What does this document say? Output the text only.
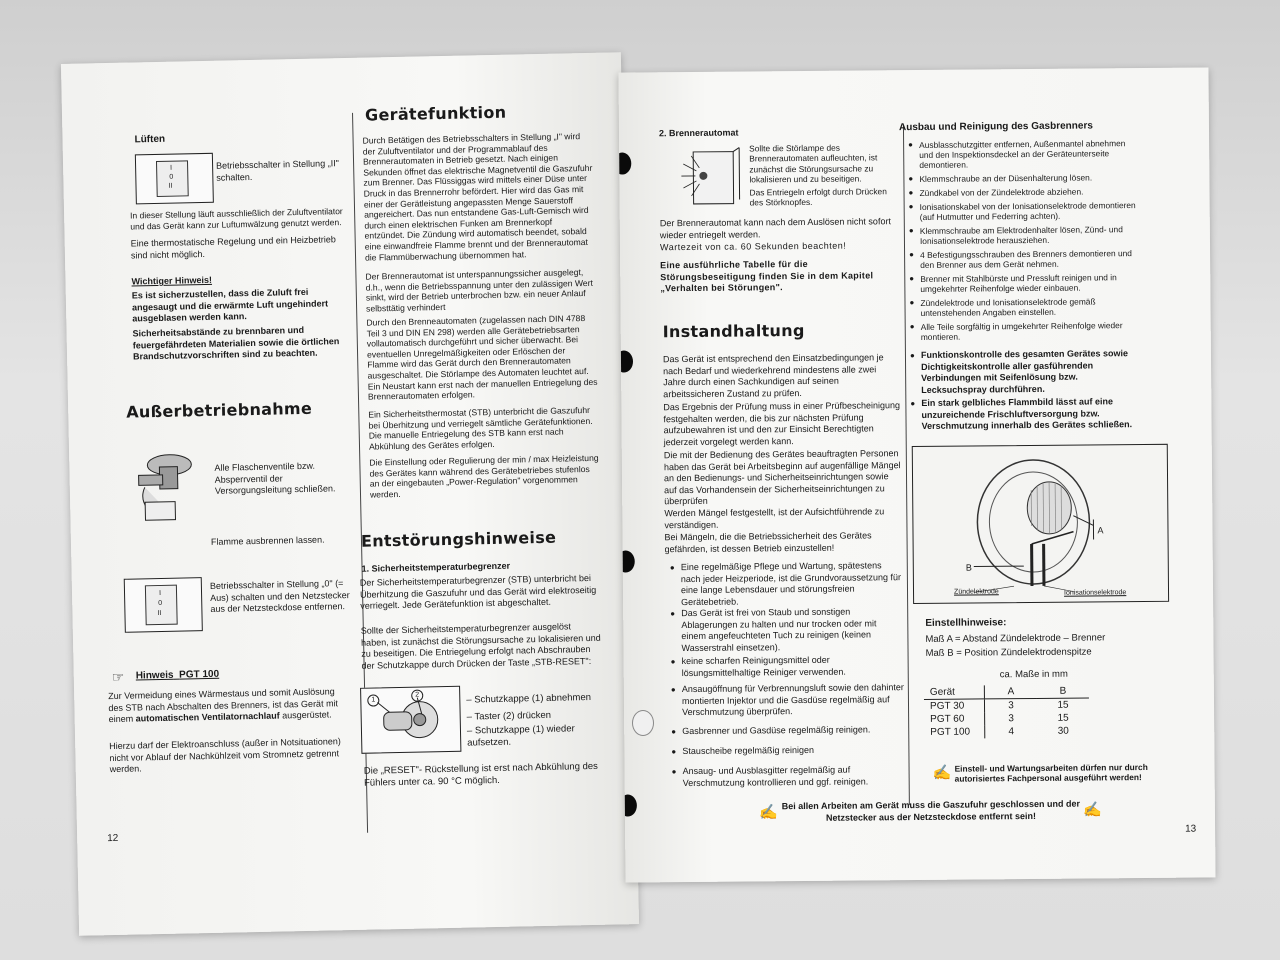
Lüften
I
0
II
Betriebsschalter in Stellung „II" schalten.
In dieser Stellung läuft ausschließlich der Zuluftventilator und das Gerät kann zur Luftumwälzung genutzt werden.
Eine thermostatische Regelung und ein Heizbetrieb sind nicht möglich.
Wichtiger Hinweis!
Es ist sicherzustellen, dass die Zuluft frei angesaugt und die erwärmte Luft ungehindert ausgeblasen werden kann.
Sicherheitsabstände zu brennbaren und feuergefährdeten Materialien sowie die örtlichen Brandschutzvorschriften sind zu beachten.
Außerbetriebnahme
Alle Flaschenventile bzw. Absperrventil der Versorgungsleitung schließen.
Flamme ausbrennen lassen.
I
0
II
Betriebsschalter in Stellung „0" (= Aus) schalten und den Netzstecker aus der Netzsteckdose entfernen.
☞ Hinweis PGT 100
Zur Vermeidung eines Wärmestaus und somit Auslösung des STB nach Abschalten des Brenners, ist das Gerät mit einem automatischen Ventilatornachlauf ausgerüstet.
Hierzu darf der Elektroanschluss (außer in Notsituationen) nicht vor Ablauf der Nachkühlzeit vom Stromnetz getrennt werden.
12
Gerätefunktion
Durch Betätigen des Betriebsschalters in Stellung „I" wird der Zuluftventilator und der Programmablauf des Brennerautomaten in Betrieb gesetzt. Nach einigen Sekunden öffnet das elektrische Magnetventil die Gaszufuhr zum Brenner. Das Flüssiggas wird mittels einer Düse unter Druck in das Brennerrohr befördert. Hier wird das Gas mit einer der Gerätleistung angepassten Menge Sauerstoff angereichert. Das nun entstandene Gas-Luft-Gemisch wird durch einen elektrischen Funken am Brennerkopf entzündet. Die Zündung wird automatisch beendet, sobald eine einwandfreie Flamme brennt und der Brennerautomat die Flammüberwachung übernommen hat.
Der Brennerautomat ist unterspannungssicher ausgelegt, d.h., wenn die Betriebsspannung unter den zulässigen Wert sinkt, wird der Betrieb unterbrochen bzw. ein neuer Anlauf selbsttätig verhindert
Durch den Brenneautomaten (zugelassen nach DIN 4788 Teil 3 und DIN EN 298) werden alle Gerätebetriebsarten vollautomatisch durchgeführt und sicher überwacht. Bei eventuellen Unregelmäßigkeiten oder Erlöschen der Flamme wird das Gerät durch den Brennerautomaten ausgeschaltet. Die Störlampe des Automaten leuchtet auf. Ein Neustart kann erst nach der manuellen Entriegelung des Brennerautomaten erfolgen.
Ein Sicherheitsthermostat (STB) unterbricht die Gaszufuhr bei Überhitzung und verriegelt sämtliche Gerätefunktionen. Die manuelle Entriegelung des STB kann erst nach Abkühlung des Gerätes erfolgen.
Die Einstellung oder Regulierung der min / max Heizleistung des Gerätes kann während des Gerätebetriebes stufenlos an der eingebauten „Power-Regulation" vorgenommen werden.
Entstörungshinweise
1. Sicherheitstemperaturbegrenzer
Der Sicherheitstemperaturbegrenzer (STB) unterbricht bei Überhitzung die Gaszufuhr und das Gerät wird elektroseitig verriegelt. Jede Gerätefunktion ist abgeschaltet.
Sollte der Sicherheitstemperaturbegrenzer ausgelöst haben, ist zunächst die Störungsursache zu lokalisieren und zu beseitigen. Die Entriegelung erfolgt nach Abschrauben der Schutzkappe durch Drücken der Taste „STB-RESET":
1
2	– Schutzkappe (1) abnehmen
– Taster (2) drücken
– Schutzkappe (1) wieder aufsetzen.
Die „RESET"- Rückstellung ist erst nach Abkühlung des Fühlers unter ca. 90 °C möglich.
2. Brennerautomat
Sollte die Störlampe des Brennerautomaten aufleuchten, ist zunächst die Störungsursache zu lokalisieren und zu beseitigen.
Das Entriegeln erfolgt durch Drücken des Störknopfes.
Der Brennerautomat kann nach dem Auslösen nicht sofort wieder entriegelt werden.
Wartezeit von ca. 60 Sekunden beachten!
Eine ausführliche Tabelle für die Störungsbeseitigung finden Sie in dem Kapitel „Verhalten bei Störungen".
Instandhaltung
Das Gerät ist entsprechend den Einsatzbedingungen je nach Bedarf und wiederkehrend mindestens alle zwei Jahre durch einen Sachkundigen auf seinen arbeitssicheren Zustand zu prüfen.
Das Ergebnis der Prüfung muss in einer Prüfbescheinigung festgehalten werden, die bis zur nächsten Prüfung aufzubewahren ist und den zur Einsicht Berechtigten jederzeit vorgelegt werden kann.
Die mit der Bedienung des Gerätes beauftragten Personen haben das Gerät bei Arbeitsbeginn auf augenfällige Mängel an den Bedienungs- und Sicherheitseinrichtungen sowie auf das Vorhandensein der Sicherheitseinrichtungen zu überprüfen
Werden Mängel festgestellt, ist der Aufsichtführende zu verständigen.
Bei Mängeln, die die Betriebssicherheit des Gerätes gefährden, ist dessen Betrieb einzustellen!
● Eine regelmäßige Pflege und Wartung, spätestens nach jeder Heizperiode, ist die Grundvoraussetzung für eine lange Lebensdauer und störungsfreien Gerätebetrieb.
● Das Gerät ist frei von Staub und sonstigen Ablagerungen zu halten und nur trocken oder mit einem angefeuchteten Tuch zu reinigen (keinen Wasserstrahl einsetzen).
● keine scharfen Reinigungsmittel oder lösungsmittelhaltige Reiniger verwenden.
● Ansaugöffnung für Verbrennungsluft sowie den dahinter montierten Injektor und die Gasdüse regelmäßig auf Verschmutzung überprüfen.
● Gasbrenner und Gasdüse regelmäßig reinigen.
● Stauscheibe regelmäßig reinigen
● Ansaug- und Ausblasgitter regelmäßig auf Verschmutzung kontrollieren und ggf. reinigen.
Ausbau und Reinigung des Gasbrenners
● Ausblasschutzgitter entfernen, Außenmantel abnehmen und den Inspektionsdeckel an der Geräteunterseite demontieren.
● Klemmschraube an der Düsenhalterung lösen.
● Zündkabel von der Zündelektrode abziehen.
● Ionisationskabel von der Ionisationselektrode demontieren (auf Hutmutter und Federring achten).
● Klemmschraube am Elektrodenhalter lösen, Zünd- und Ionisationselektrode herausziehen.
● 4 Befestigungsschrauben des Brenners demontieren und den Brenner aus dem Gerät nehmen.
● Brenner mit Stahlbürste und Pressluft reinigen und in umgekehrter Reihenfolge wieder einbauen.
● Zündelektrode und Ionisationselektrode gemäß untenstehenden Angaben einstellen.
● Alle Teile sorgfältig in umgekehrter Reihenfolge wieder montieren.
● Funktionskontrolle des gesamten Gerätes sowie Dichtigkeitskontrolle aller gasführenden Verbindungen mit Seifenlösung bzw. Lecksuchspray durchführen.
● Ein stark gelbliches Flammbild lässt auf eine unzureichende Frischluftversorgung bzw. Verschmutzung innerhalb des Gerätes schließen.
A
B
Zündelektrode	Ionisationselektrode
Einstellhinweise:
Maß A = Abstand Zündelektrode – Brenner
Maß B = Position Zündelektrodenspitze
ca. Maße in mm
Gerät	A	B
PGT 30	3	15
PGT 60	3	15
PGT 100	4	30
✍ Einstell- und Wartungsarbeiten dürfen nur durch autorisiertes Fachpersonal ausgeführt werden!
✍ Bei allen Arbeiten am Gerät muss die Gaszufuhr geschlossen und der Netzstecker aus der Netzsteckdose entfernt sein!	✍
13
